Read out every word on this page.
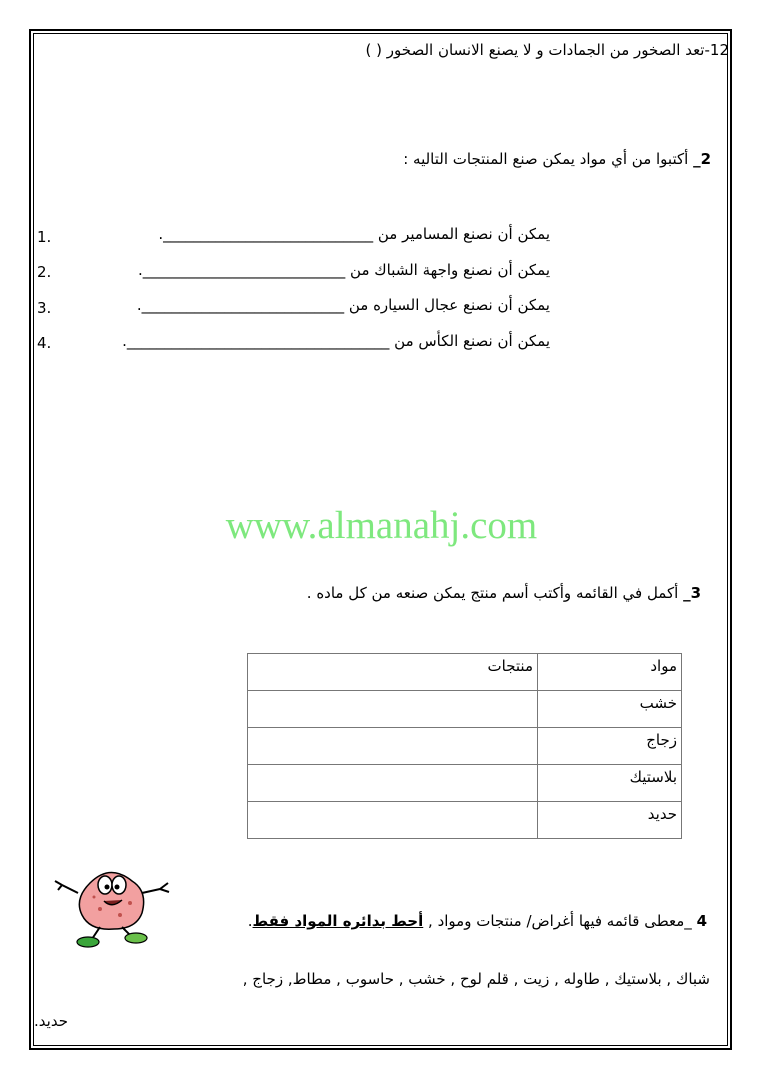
12-تعد الصخور من الجمادات و لا يصنع الانسان الصخور ( )
2_ أكتبوا من أي مواد يمكن صنع المنتجات التاليه :
يمكن أن نصنع المسامير من ____________________________.
1.
يمكن أن نصنع واجهة الشباك من ___________________________.
2.
يمكن أن نصنع عجال السياره من ___________________________.
3.
يمكن أن نصنع الكأس من ___________________________________.
4.
www.almanahj.com
3_ أكمل في القائمه وأكتب أسم منتج يمكن صنعه من كل ماده .
مواد	منتجات
خشب	
زجاج	
بلاستيك	
حديد	
4 _معطى قائمه فيها أغراض/ منتجات ومواد , أحط بدائره المواد فقط.
شباك , بلاستيك , طاوله , زيت , قلم لوح , خشب , حاسوب , مطاط, زجاج ,
حديد.
